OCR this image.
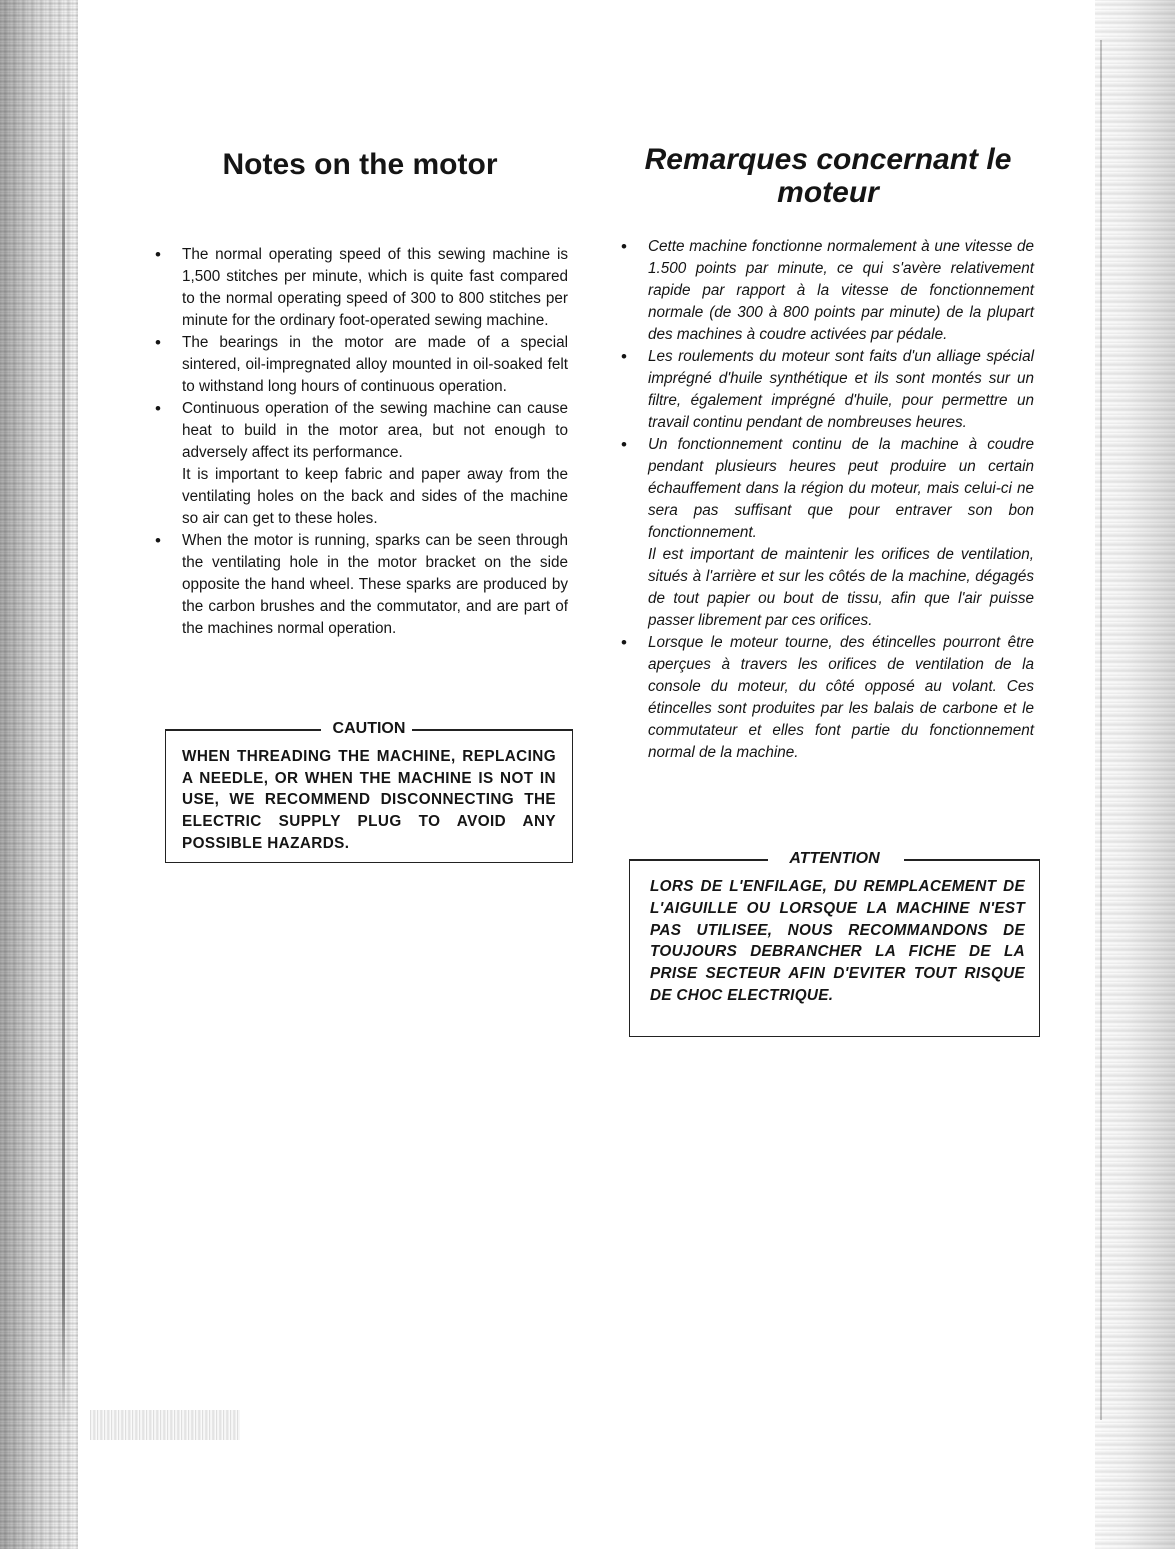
Notes on the motor	Remarques concernant le moteur

• The normal operating speed of this sewing machine is 1,500 stitches per minute, which is quite fast compared to the normal operating speed of 300 to 800 stitches per minute for the ordinary foot-operated sewing machine.

• The bearings in the motor are made of a special sintered, oil-impregnated alloy mounted in oil-soaked felt to withstand long hours of continuous operation.

• Continuous operation of the sewing machine can cause heat to build in the motor area, but not enough to adversely affect its performance.

It is important to keep fabric and paper away from the ventilating holes on the back and sides of the machine so air can get to these holes.

• When the motor is running, sparks can be seen through the ventilating hole in the motor bracket on the side opposite the hand wheel. These sparks are produced by the carbon brushes and the commutator, and are part of the machines normal operation.

CAUTION

WHEN THREADING THE MACHINE, REPLACING A NEEDLE, OR WHEN THE MACHINE IS NOT IN USE, WE RECOMMEND DISCONNECTING THE ELECTRIC SUPPLY PLUG TO AVOID ANY POSSIBLE HAZARDS.

• Cette machine fonctionne normalement à une vitesse de 1.500 points par minute, ce qui s'avère relativement rapide par rapport à la vitesse de fonctionnement normale (de 300 à 800 points par minute) de la plupart des machines à coudre activées par pédale.

• Les roulements du moteur sont faits d'un alliage spécial imprégné d'huile synthétique et ils sont montés sur un filtre, également imprégné d'huile, pour permettre un travail continu pendant de nombreuses heures.

• Un fonctionnement continu de la machine à coudre pendant plusieurs heures peut produire un certain échauffement dans la région du moteur, mais celui-ci ne sera pas suffisant que pour entraver son bon fonctionnement.

Il est important de maintenir les orifices de ventilation, situés à l'arrière et sur les côtés de la machine, dégagés de tout papier ou bout de tissu, afin que l'air puisse passer librement par ces orifices.

• Lorsque le moteur tourne, des étincelles pourront être aperçues à travers les orifices de ventilation de la console du moteur, du côté opposé au volant. Ces étincelles sont produites par les balais de carbone et le commutateur et elles font partie du fonctionnement normal de la machine.

ATTENTION

LORS DE L'ENFILAGE, DU REMPLACEMENT DE L'AIGUILLE OU LORSQUE LA MACHINE N'EST PAS UTILISEE, NOUS RECOMMANDONS DE TOUJOURS DEBRANCHER LA FICHE DE LA PRISE SECTEUR AFIN D'EVITER TOUT RISQUE DE CHOC ELECTRIQUE.
